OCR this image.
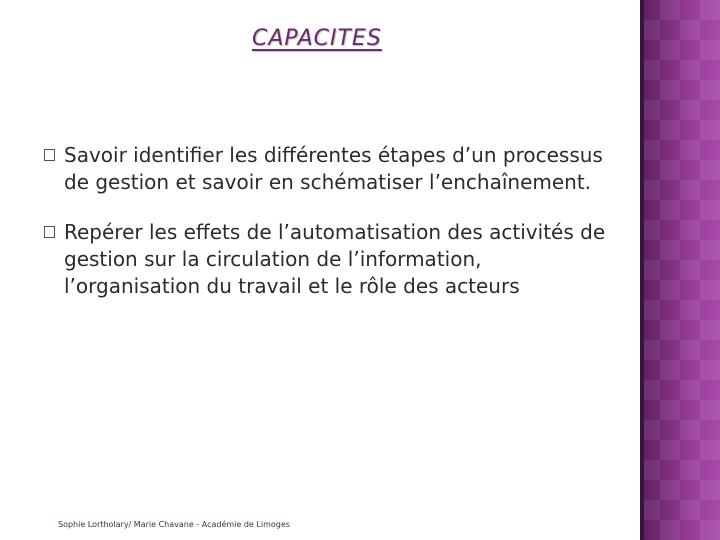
CAPACITES
Savoir identifier les différentes étapes d’un processus de gestion et savoir en schématiser l’enchaînement.
Repérer les effets de l’automatisation des activités de gestion sur la circulation de l’information, l’organisation du travail et le rôle des acteurs
Sophie Lortholary/ Marie Chavane - Académie de Limoges
